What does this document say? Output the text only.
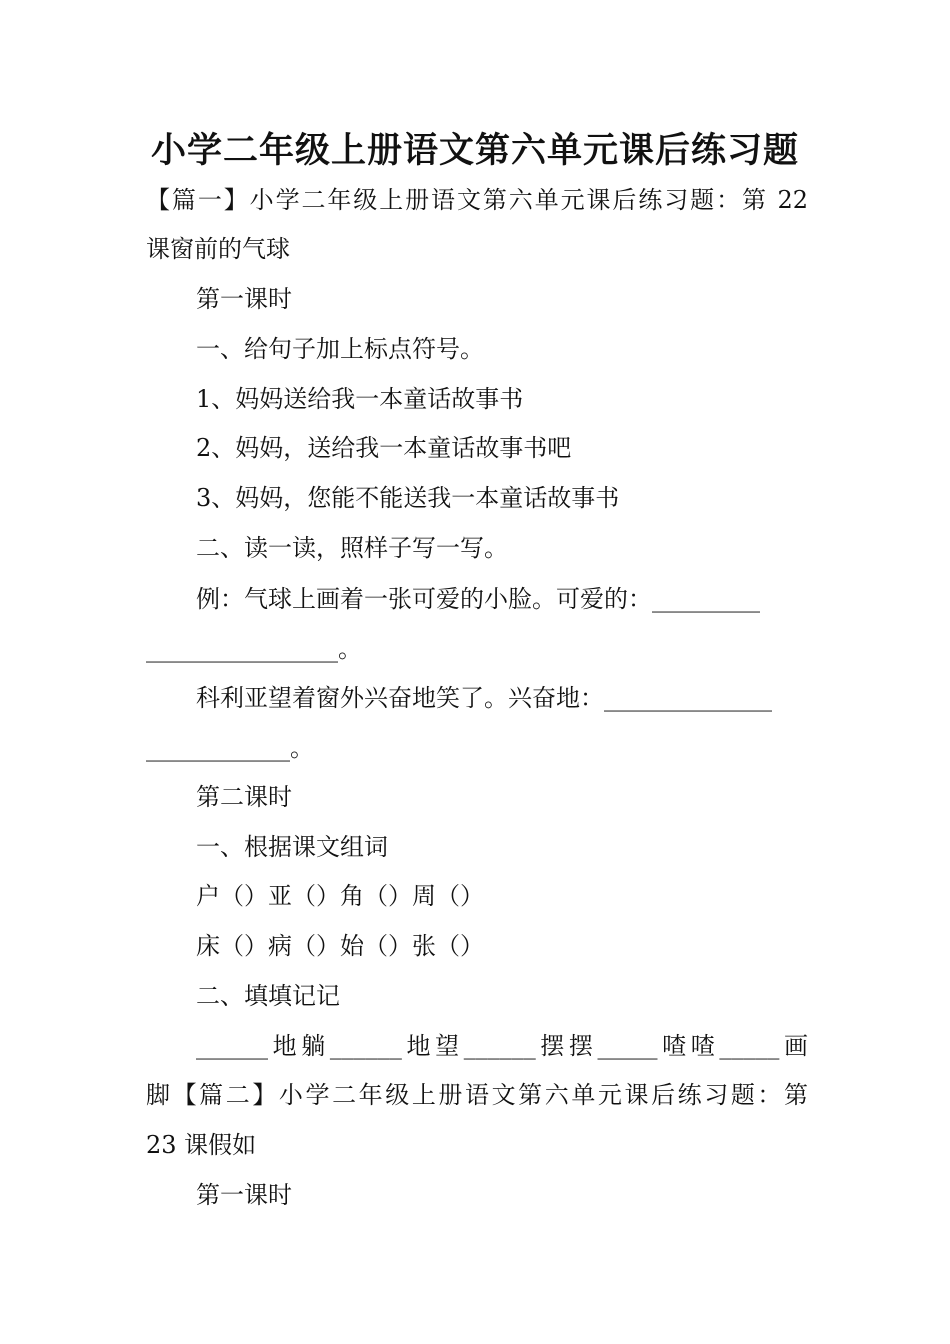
小学二年级上册语文第六单元课后练习题
【篇一】小学二年级上册语文第六单元课后练习题：第 22
课窗前的气球
第一课时
一、给句子加上标点符号。
1、妈妈送给我一本童话故事书
2、妈妈，送给我一本童话故事书吧
3、妈妈，您能不能送我一本童话故事书
二、读一读，照样子写一写。
例：气球上画着一张可爱的小脸。可爱的：_________
________________。
科利亚望着窗外兴奋地笑了。兴奋地：______________
____________。
第二课时
一、根据课文组词
户（）亚（）角（）周（）
床（）病（）始（）张（）
二、填填记记
______地躺______地望______摆摆_____喳喳_____画
脚【篇二】小学二年级上册语文第六单元课后练习题：第
23 课假如
第一课时
